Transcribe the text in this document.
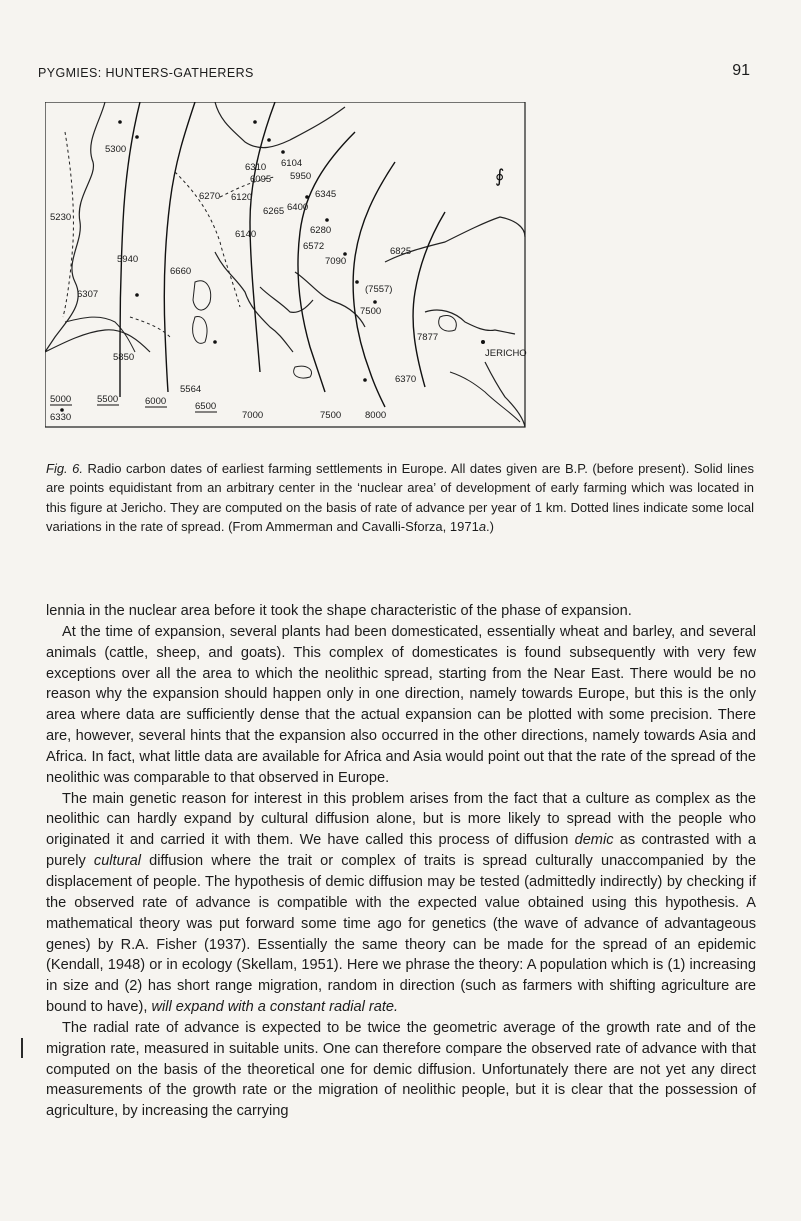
PYGMIES: HUNTERS-GATHERERS	91
5000
6330
5500	6000	6500
7000	7500	8000
JERICHO
5850
5564
5300
5230
6307
5940
6660
6270 6120
6265
6140
6825
(7557)
7877
6370
7090
6572
6280
5950
6345
6400
6310 6104
6095
7500
∮
Fig. 6. Radio carbon dates of earliest farming settlements in Europe. All dates given are B.P. (before present). Solid lines are points equidistant from an arbitrary center in the ‘nuclear area’ of development of early farming which was located in this figure at Jericho. They are computed on the basis of rate of advance per year of 1 km. Dotted lines indicate some local variations in the rate of spread. (From Ammerman and Cavalli-Sforza, 1971a.)

lennia in the nuclear area before it took the shape characteristic of the phase of expansion.

At the time of expansion, several plants had been domesticated, essentially wheat and barley, and several animals (cattle, sheep, and goats). This complex of domesticates is found subsequently with very few exceptions over all the area to which the neolithic spread, starting from the Near East. There would be no reason why the expansion should happen only in one direction, namely towards Europe, but this is the only area where data are sufficiently dense that the actual expansion can be plotted with some precision. There are, however, several hints that the expansion also occurred in the other directions, namely towards Asia and Africa. In fact, what little data are available for Africa and Asia would point out that the rate of the spread of the neolithic was comparable to that observed in Europe.

The main genetic reason for interest in this problem arises from the fact that a culture as complex as the neolithic can hardly expand by cultural diffusion alone, but is more likely to spread with the people who originated it and carried it with them. We have called this process of diffusion demic as contrasted with a purely cultural diffusion where the trait or complex of traits is spread culturally unaccompanied by the displacement of people. The hypothesis of demic diffusion may be tested (admittedly indirectly) by checking if the observed rate of advance is compatible with the expected value obtained using this hypothesis. A mathematical theory was put forward some time ago for genetics (the wave of advance of advantageous genes) by R.A. Fisher (1937). Essentially the same theory can be made for the spread of an epidemic (Kendall, 1948) or in ecology (Skellam, 1951). Here we phrase the theory: A population which is (1) increasing in size and (2) has short range migration, random in direction (such as farmers with shifting agriculture are bound to have), will expand with a constant radial rate.

The radial rate of advance is expected to be twice the geometric average of the growth rate and of the migration rate, measured in suitable units. One can therefore compare the observed rate of advance with that computed on the basis of the theoretical one for demic diffusion. Unfortunately there are not yet any direct measurements of the growth rate or the migration of neolithic people, but it is clear that the possession of agriculture, by increasing the carrying
